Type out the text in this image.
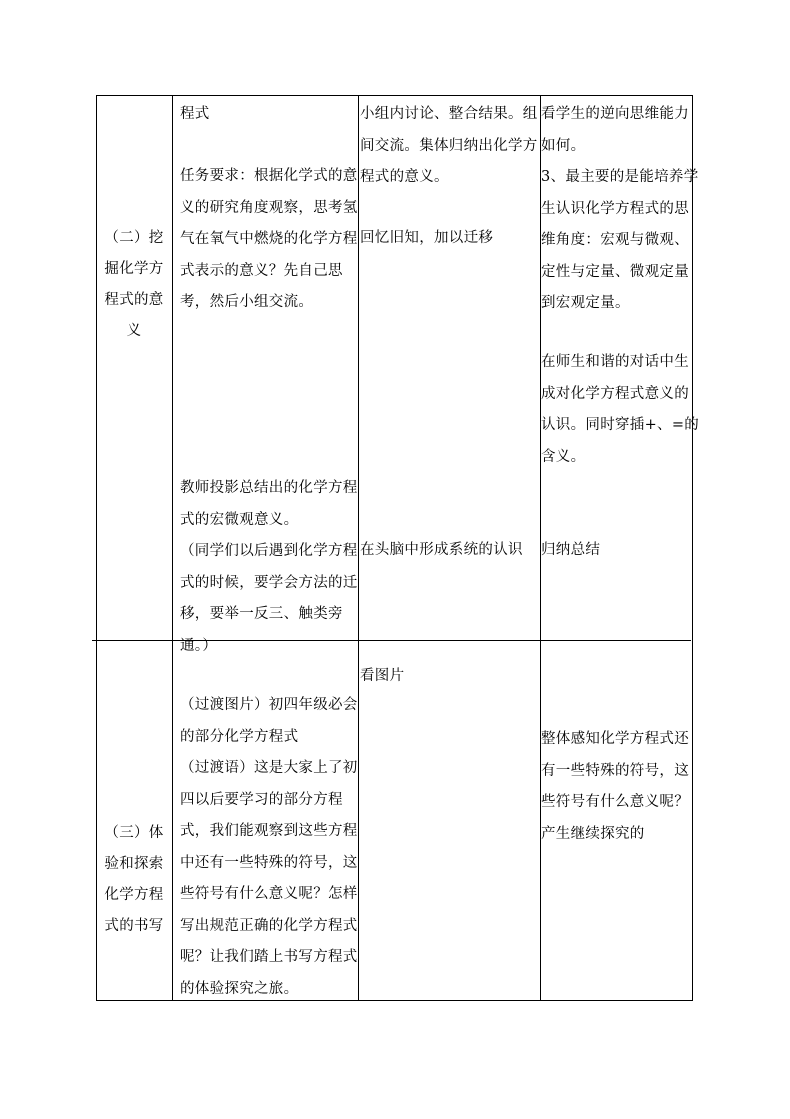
（二）挖
掘化学方
程式的意
义
程式
任务要求：根据化学式的意
义的研究角度观察，思考氢
气在氧气中燃烧的化学方程
式表示的意义？先自己思
考，然后小组交流。
教师投影总结出的化学方程
式的宏微观意义。
（同学们以后遇到化学方程
式的时候，要学会方法的迁
移，要举一反三、触类旁
通。）
小组内讨论、整合结果。组
间交流。集体归纳出化学方
程式的意义。
回忆旧知，加以迁移
在头脑中形成系统的认识
看学生的逆向思维能力
如何。
3、最主要的是能培养学
生认识化学方程式的思
维角度：宏观与微观、
定性与定量、微观定量
到宏观定量。
在师生和谐的对话中生
成对化学方程式意义的
认识。同时穿插+、=的
含义。
归纳总结
（三）体
验和探索
化学方程
式的书写
（过渡图片）初四年级必会
的部分化学方程式
（过渡语）这是大家上了初
四以后要学习的部分方程
式，我们能观察到这些方程
中还有一些特殊的符号，这
些符号有什么意义呢？怎样
写出规范正确的化学方程式
呢？让我们踏上书写方程式
的体验探究之旅。
看图片
整体感知化学方程式还
有一些特殊的符号，这
些符号有什么意义呢？
产生继续探究的
